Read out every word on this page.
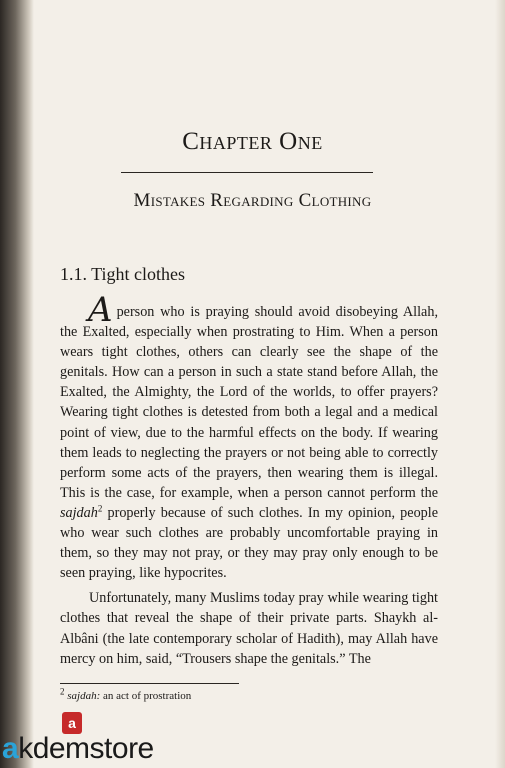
Chapter One
Mistakes Regarding Clothing
1.1. Tight clothes

A person who is praying should avoid disobeying Allah, the Exalted, especially when prostrating to Him. When a person wears tight clothes, others can clearly see the shape of the genitals. How can a person in such a state stand before Allah, the Exalted, the Almighty, the Lord of the worlds, to offer prayers? Wearing tight clothes is detested from both a legal and a medical point of view, due to the harmful effects on the body. If wearing them leads to neglecting the prayers or not being able to correctly perform some acts of the prayers, then wearing them is illegal. This is the case, for example, when a person cannot perform the sajdah$^2$ properly because of such clothes. In my opinion, people who wear such clothes are probably uncomfortable praying in them, so they may not pray, or they may pray only enough to be seen praying, like hypocrites.

Unfortunately, many Muslims today pray while wearing tight clothes that reveal the shape of their private parts. Shaykh al-Albâni (the late contemporary scholar of Hadith), may Allah have mercy on him, said, “Trousers shape the genitals.” The

$^2$ sajdah: an act of prostration
a
akdemstore
